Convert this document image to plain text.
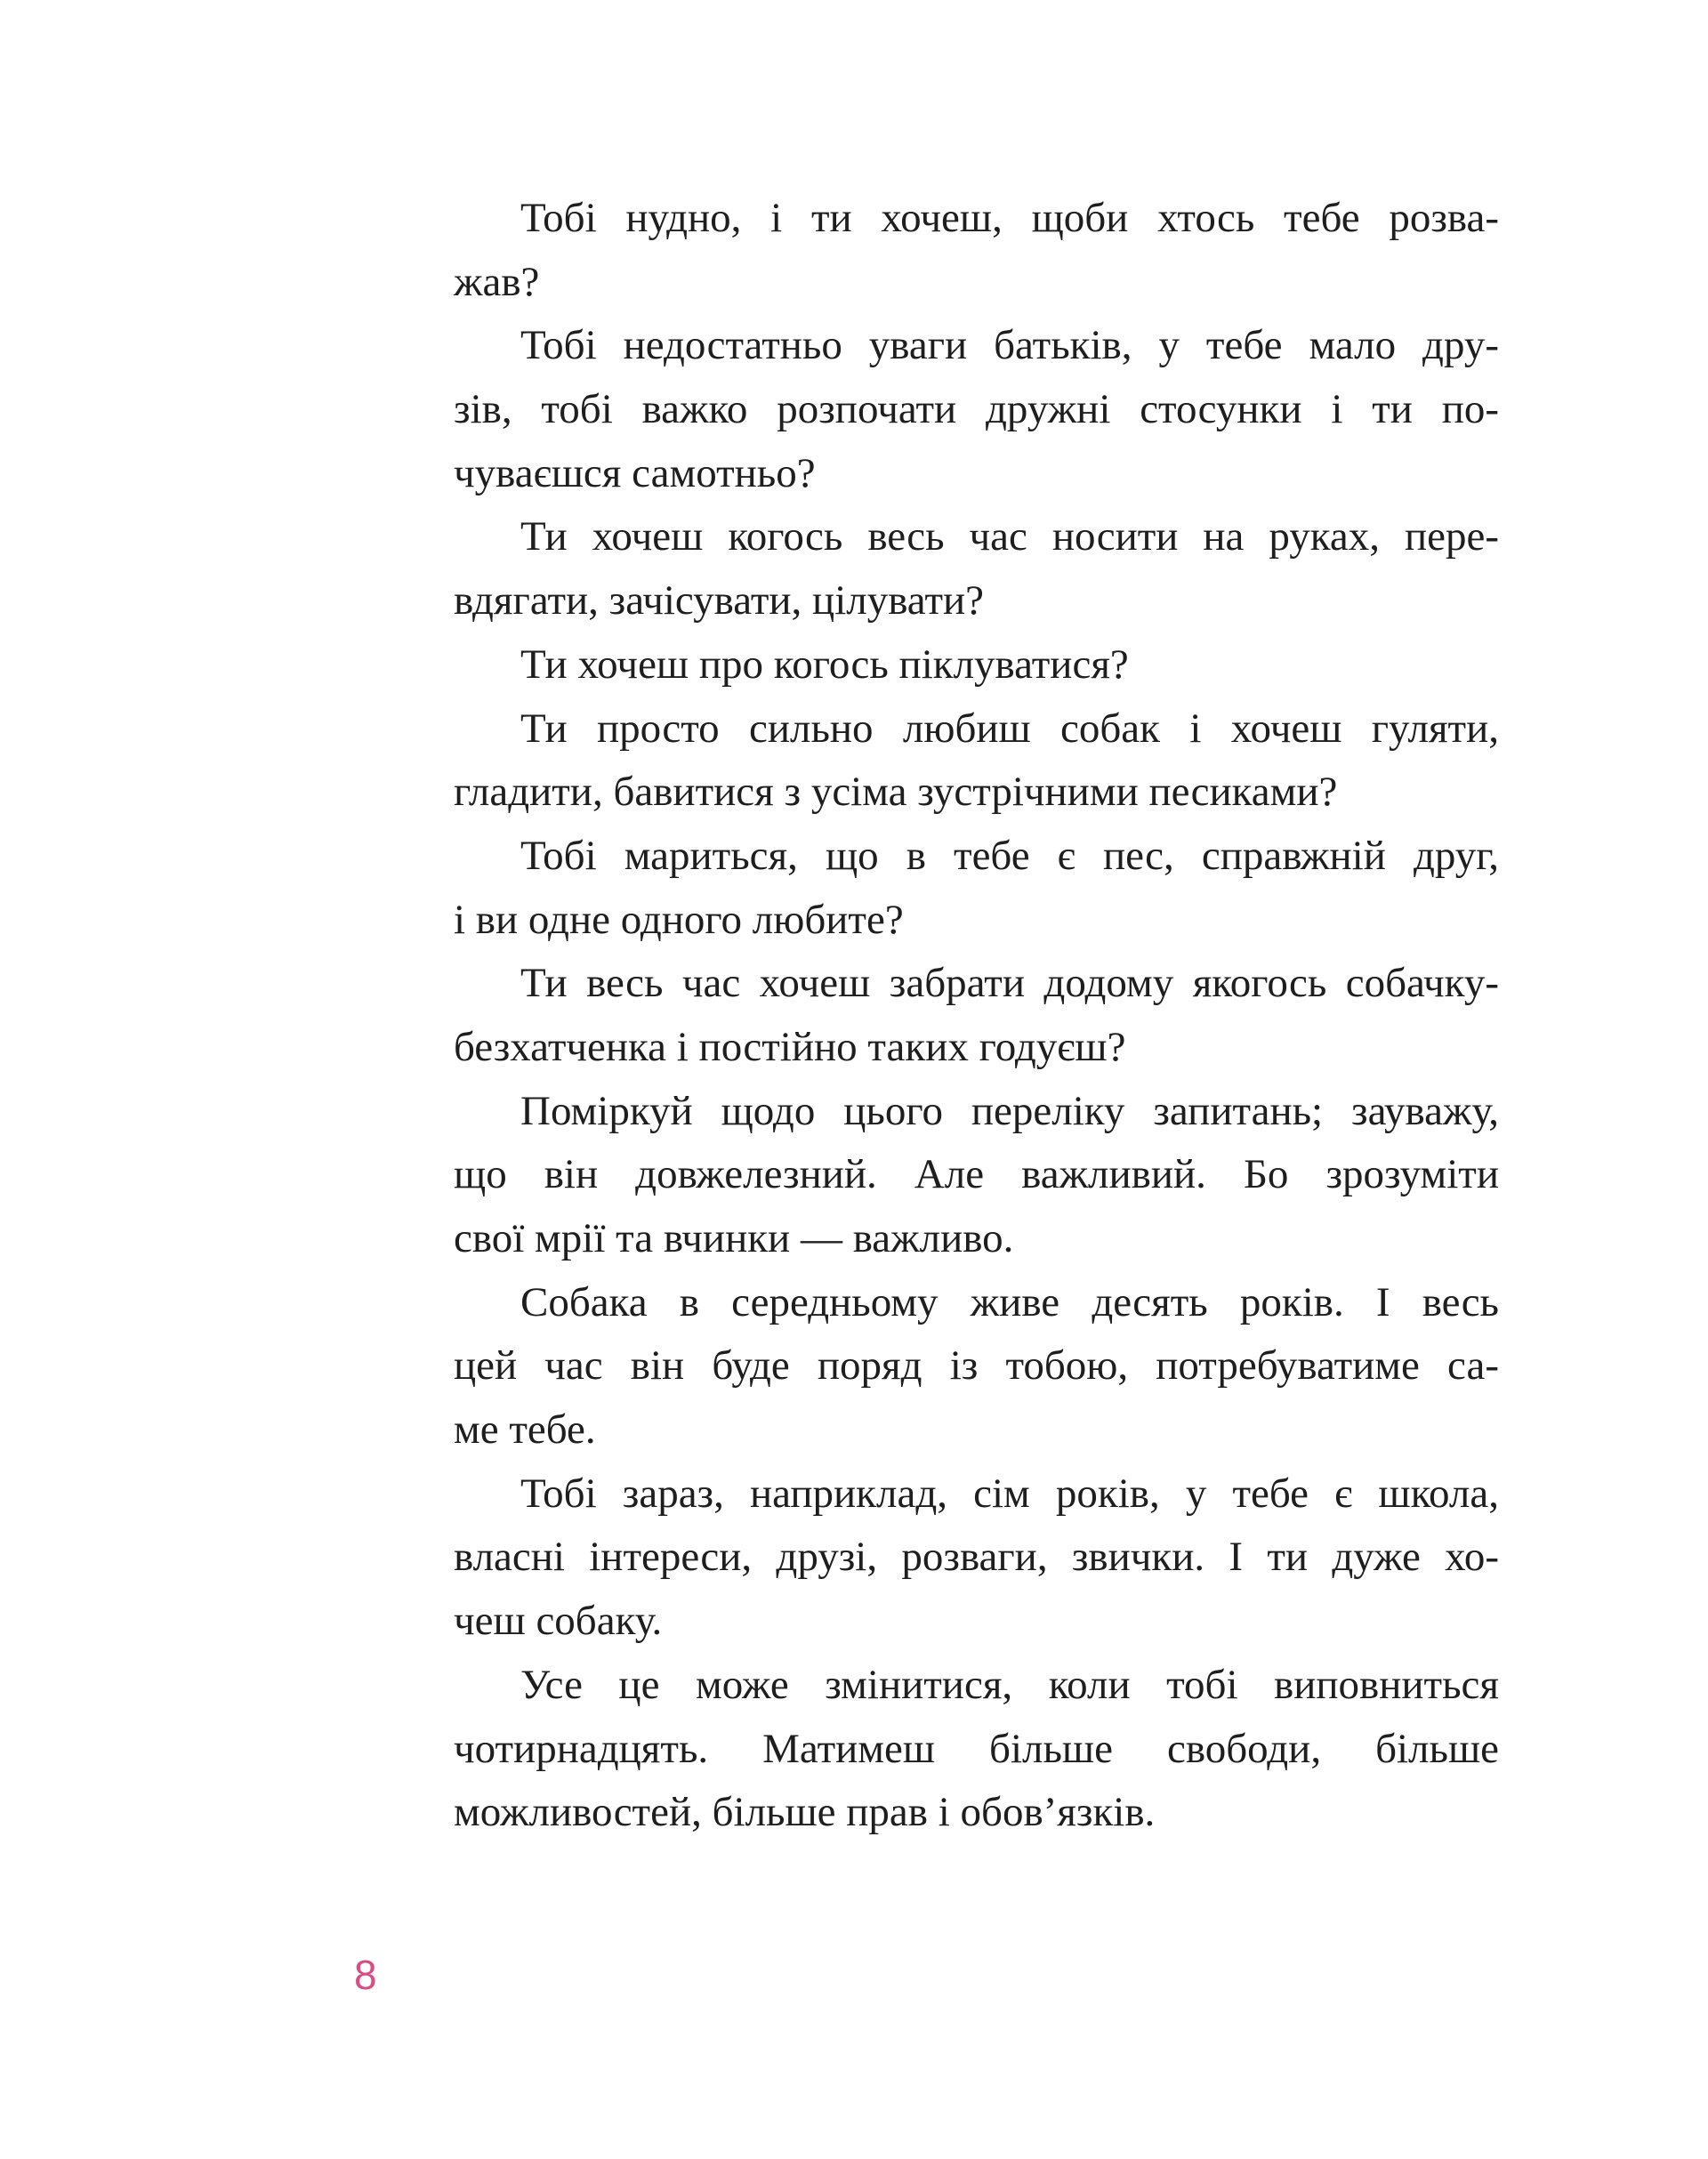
Тобі нудно, і ти хочеш, щоби хтось тебе розва-
жав?
Тобі недостатньо уваги батьків, у тебе мало дру-
зів, тобі важко розпочати дружні стосунки і ти по-
чуваєшся самотньо?
Ти хочеш когось весь час носити на руках, пере-
вдягати, зачісувати, цілувати?
Ти хочеш про когось піклуватися?
Ти просто сильно любиш собак і хочеш гуляти,
гладити, бавитися з усіма зустрічними песиками?
Тобі мариться, що в тебе є пес, справжній друг,
і ви одне одного любите?
Ти весь час хочеш забрати додому якогось собачку-
безхатченка і постійно таких годуєш?
Поміркуй щодо цього переліку запитань; зауважу,
що він довжелезний. Але важливий. Бо зрозуміти
свої мрії та вчинки — важливо.
Собака в середньому живе десять років. І весь
цей час він буде поряд із тобою, потребуватиме са-
ме тебе.
Тобі зараз, наприклад, сім років, у тебе є школа,
власні інтереси, друзі, розваги, звички. І ти дуже хо-
чеш собаку.
Усе це може змінитися, коли тобі виповниться
чотирнадцять. Матимеш більше свободи, більше
можливостей, більше прав і обов’язків.
8
